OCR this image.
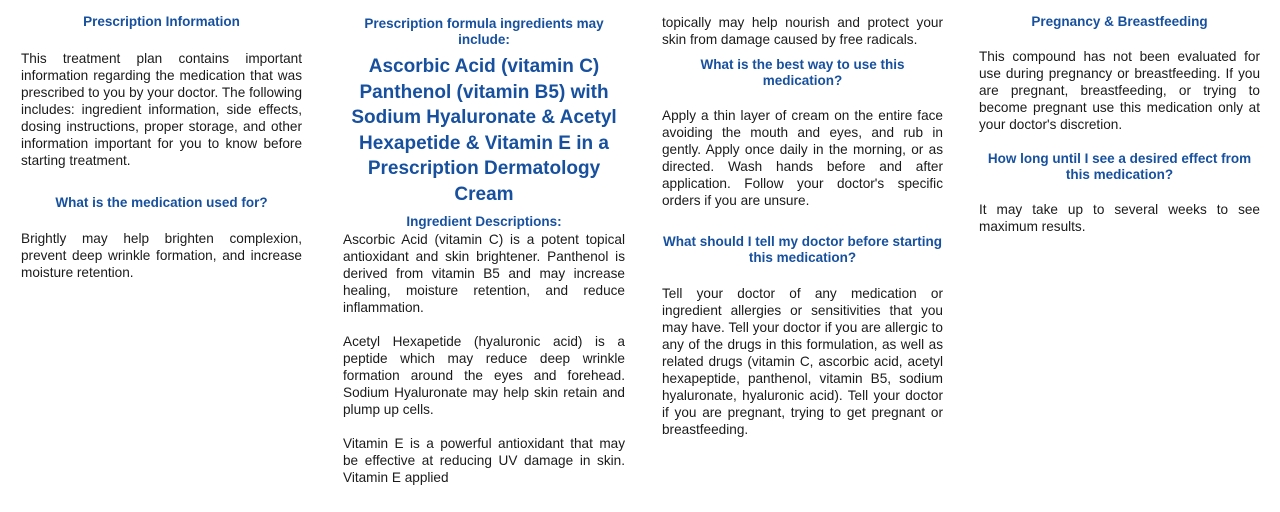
Prescription Information

This treatment plan contains important information regarding the medication that was prescribed to you by your doctor. The following includes: ingredient information, side effects, dosing instructions, proper storage, and other information important for you to know before starting treatment.

What is the medication used for?

Brightly may help brighten complexion, prevent deep wrinkle formation, and increase moisture retention.

Prescription formula ingredients may include:
Ascorbic Acid (vitamin C) Panthenol (vitamin B5) with Sodium Hyaluronate & Acetyl Hexapetide & Vitamin E in a Prescription Dermatology Cream
Ingredient Descriptions:

Ascorbic Acid (vitamin C) is a potent topical antioxidant and skin brightener. Panthenol is derived from vitamin B5 and may increase healing, moisture retention, and reduce inflammation.

Acetyl Hexapetide (hyaluronic acid) is a peptide which may reduce deep wrinkle formation around the eyes and forehead. Sodium Hyaluronate may help skin retain and plump up cells.

Vitamin E is a powerful antioxidant that may be effective at reducing UV damage in skin. Vitamin E applied

topically may help nourish and protect your skin from damage caused by free radicals.

What is the best way to use this medication?

Apply a thin layer of cream on the entire face avoiding the mouth and eyes, and rub in gently. Apply once daily in the morning, or as directed. Wash hands before and after application. Follow your doctor's specific orders if you are unsure.

What should I tell my doctor before starting this medication?

Tell your doctor of any medication or ingredient allergies or sensitivities that you may have. Tell your doctor if you are allergic to any of the drugs in this formulation, as well as related drugs (vitamin C, ascorbic acid, acetyl hexapeptide, panthenol, vitamin B5, sodium hyaluronate, hyaluronic acid). Tell your doctor if you are pregnant, trying to get pregnant or breastfeeding.

Pregnancy & Breastfeeding

This compound has not been evaluated for use during pregnancy or breastfeeding. If you are pregnant, breastfeeding, or trying to become pregnant use this medication only at your doctor's discretion.

How long until I see a desired effect from this medication?

It may take up to several weeks to see maximum results.
